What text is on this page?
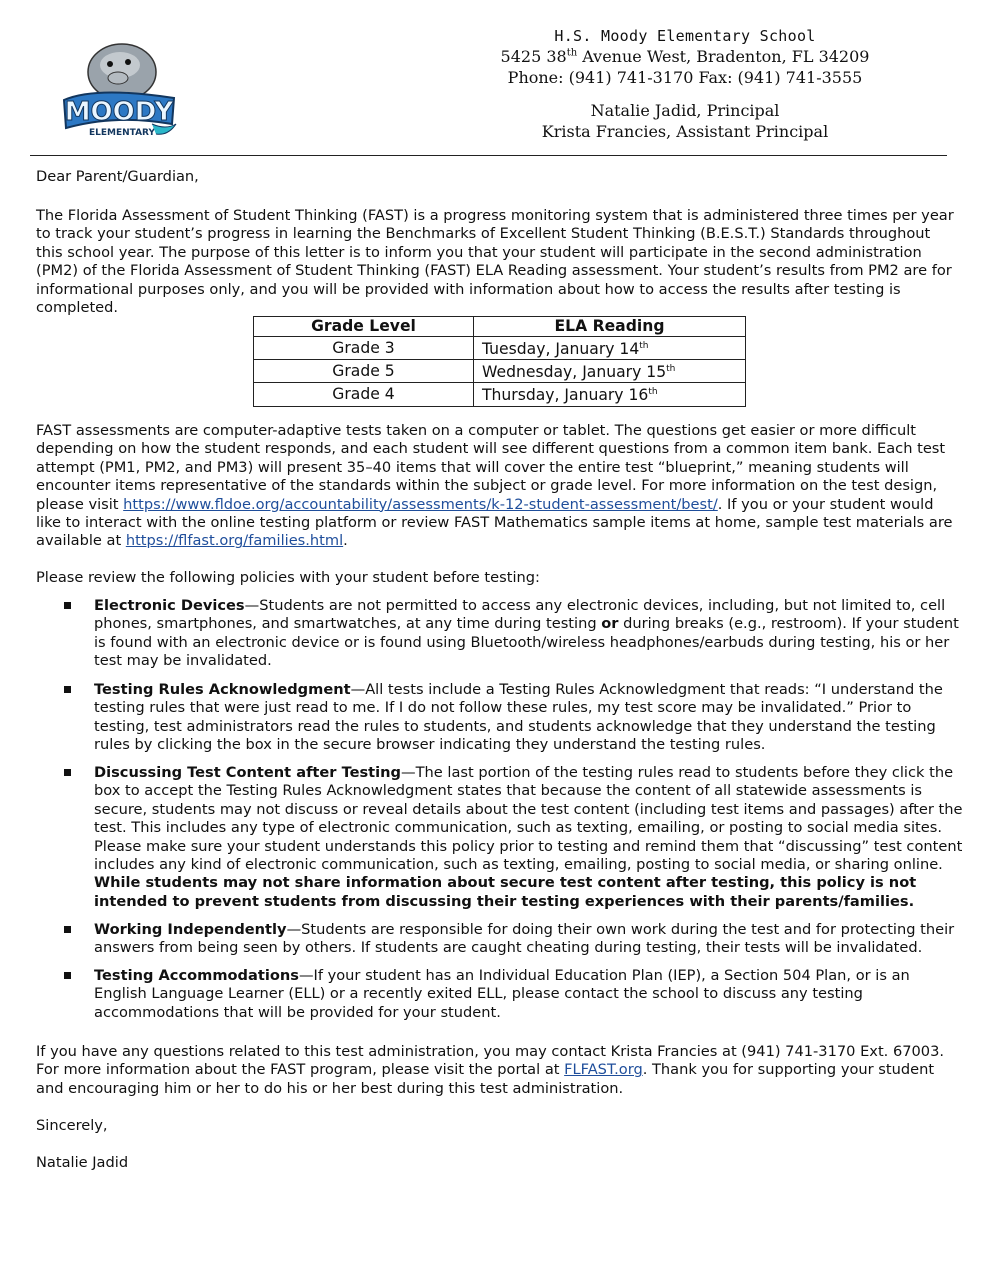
MOODY
ELEMENTARY
H.S. Moody Elementary School
5425 38th Avenue West, Bradenton, FL 34209
Phone: (941) 741-3170 Fax: (941) 741-3555
Natalie Jadid, Principal
Krista Francies, Assistant Principal
Dear Parent/Guardian,
The Florida Assessment of Student Thinking (FAST) is a progress monitoring system that is administered three times per year to track your student’s progress in learning the Benchmarks of Excellent Student Thinking (B.E.S.T.) Standards throughout this school year. The purpose of this letter is to inform you that your student will participate in the second administration (PM2) of the Florida Assessment of Student Thinking (FAST) ELA Reading assessment. Your student’s results from PM2 are for informational purposes only, and you will be provided with information about how to access the results after testing is completed.
Grade Level	ELA Reading
Grade 3	Tuesday, January 14th
Grade 5	Wednesday, January 15th
Grade 4	Thursday, January 16th
FAST assessments are computer-adaptive tests taken on a computer or tablet. The questions get easier or more difficult depending on how the student responds, and each student will see different questions from a common item bank. Each test attempt (PM1, PM2, and PM3) will present 35–40 items that will cover the entire test “blueprint,” meaning students will encounter items representative of the standards within the subject or grade level. For more information on the test design, please visit https://www.fldoe.org/accountability/assessments/k-12-student-assessment/best/. If you or your student would like to interact with the online testing platform or review FAST Mathematics sample items at home, sample test materials are available at https://flfast.org/families.html.
Please review the following policies with your student before testing:
Electronic Devices—Students are not permitted to access any electronic devices, including, but not limited to, cell phones, smartphones, and smartwatches, at any time during testing or during breaks (e.g., restroom). If your student is found with an electronic device or is found using Bluetooth/wireless headphones/earbuds during testing, his or her test may be invalidated.
Testing Rules Acknowledgment—All tests include a Testing Rules Acknowledgment that reads: “I understand the testing rules that were just read to me. If I do not follow these rules, my test score may be invalidated.” Prior to testing, test administrators read the rules to students, and students acknowledge that they understand the testing rules by clicking the box in the secure browser indicating they understand the testing rules.
Discussing Test Content after Testing—The last portion of the testing rules read to students before they click the box to accept the Testing Rules Acknowledgment states that because the content of all statewide assessments is secure, students may not discuss or reveal details about the test content (including test items and passages) after the test. This includes any type of electronic communication, such as texting, emailing, or posting to social media sites. Please make sure your student understands this policy prior to testing and remind them that “discussing” test content includes any kind of electronic communication, such as texting, emailing, posting to social media, or sharing online. While students may not share information about secure test content after testing, this policy is not intended to prevent students from discussing their testing experiences with their parents/families.
Working Independently—Students are responsible for doing their own work during the test and for protecting their answers from being seen by others. If students are caught cheating during testing, their tests will be invalidated.
Testing Accommodations—If your student has an Individual Education Plan (IEP), a Section 504 Plan, or is an English Language Learner (ELL) or a recently exited ELL, please contact the school to discuss any testing accommodations that will be provided for your student.
If you have any questions related to this test administration, you may contact Krista Francies at (941) 741-3170 Ext. 67003. For more information about the FAST program, please visit the portal at FLFAST.org. Thank you for supporting your student and encouraging him or her to do his or her best during this test administration.
Sincerely,
Natalie Jadid
